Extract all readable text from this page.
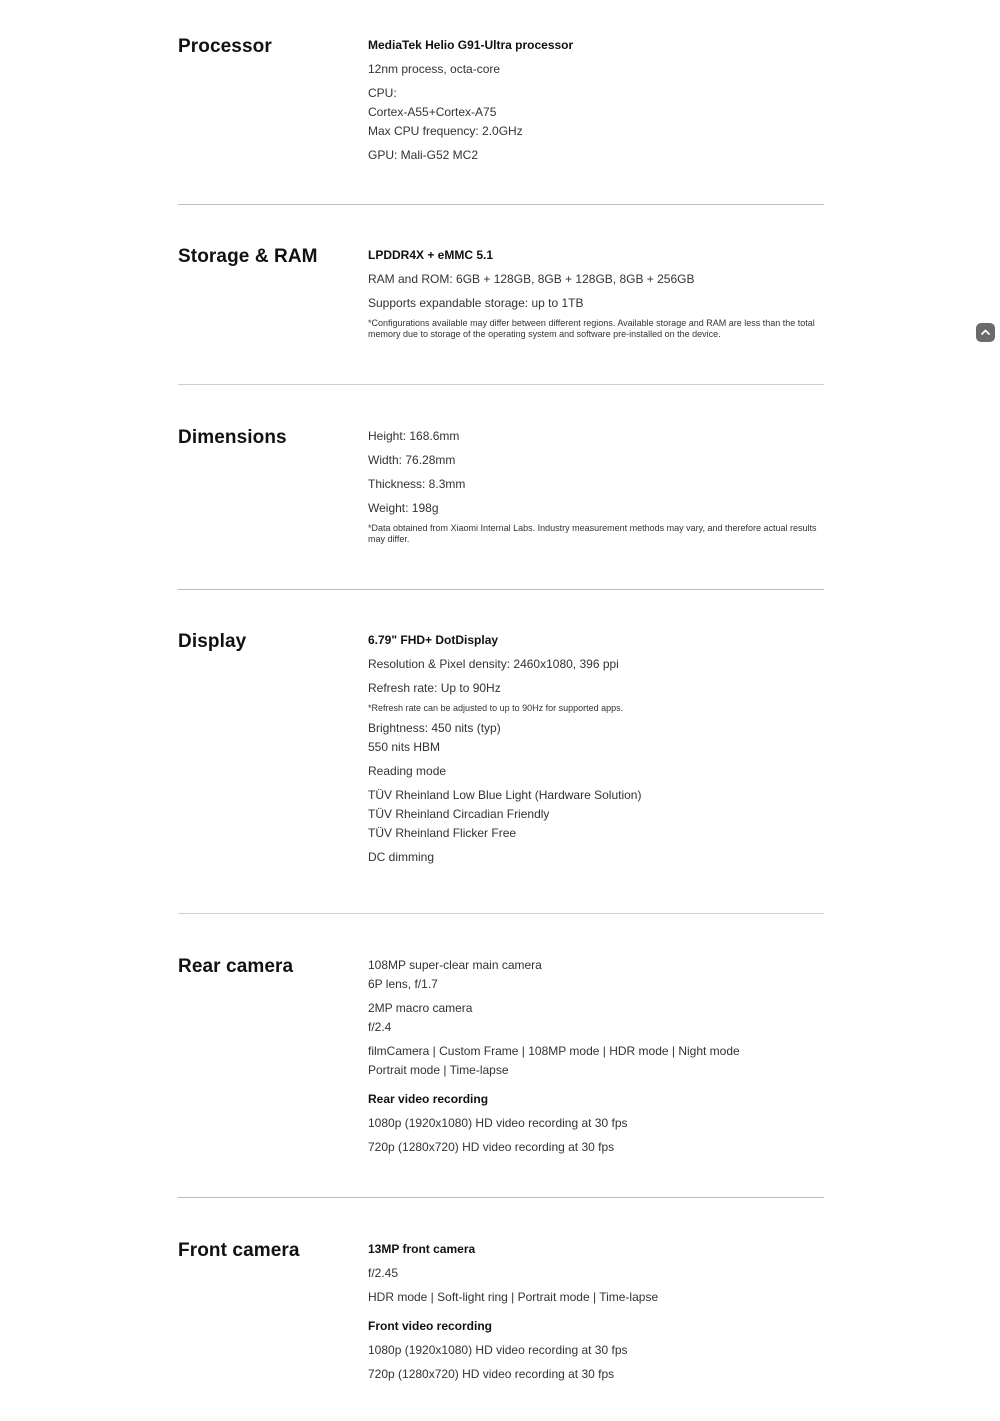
Processor	MediaTek Helio G91-Ultra processor
12nm process, octa-core
CPU:
Cortex-A55+Cortex-A75
Max CPU frequency: 2.0GHz
GPU: Mali-G52 MC2
Storage & RAM	LPDDR4X + eMMC 5.1
RAM and ROM: 6GB + 128GB, 8GB + 128GB, 8GB + 256GB
Supports expandable storage: up to 1TB
*Configurations available may differ between different regions. Available storage and RAM are less than the total memory due to storage of the operating system and software pre-installed on the device.
Dimensions	Height: 168.6mm
Width: 76.28mm
Thickness: 8.3mm
Weight: 198g
*Data obtained from Xiaomi Internal Labs. Industry measurement methods may vary, and therefore actual results may differ.
Display	6.79" FHD+ DotDisplay
Resolution & Pixel density: 2460x1080, 396 ppi
Refresh rate: Up to 90Hz
*Refresh rate can be adjusted to up to 90Hz for supported apps.
Brightness: 450 nits (typ)
550 nits HBM
Reading mode
TÜV Rheinland Low Blue Light (Hardware Solution)
TÜV Rheinland Circadian Friendly
TÜV Rheinland Flicker Free
DC dimming
Rear camera	108MP super-clear main camera
6P lens, f/1.7
2MP macro camera
f/2.4
filmCamera | Custom Frame | 108MP mode | HDR mode | Night mode
Portrait mode | Time-lapse
Rear video recording
1080p (1920x1080) HD video recording at 30 fps
720p (1280x720) HD video recording at 30 fps
Front camera	13MP front camera
f/2.45
HDR mode | Soft-light ring | Portrait mode | Time-lapse
Front video recording
1080p (1920x1080) HD video recording at 30 fps
720p (1280x720) HD video recording at 30 fps
